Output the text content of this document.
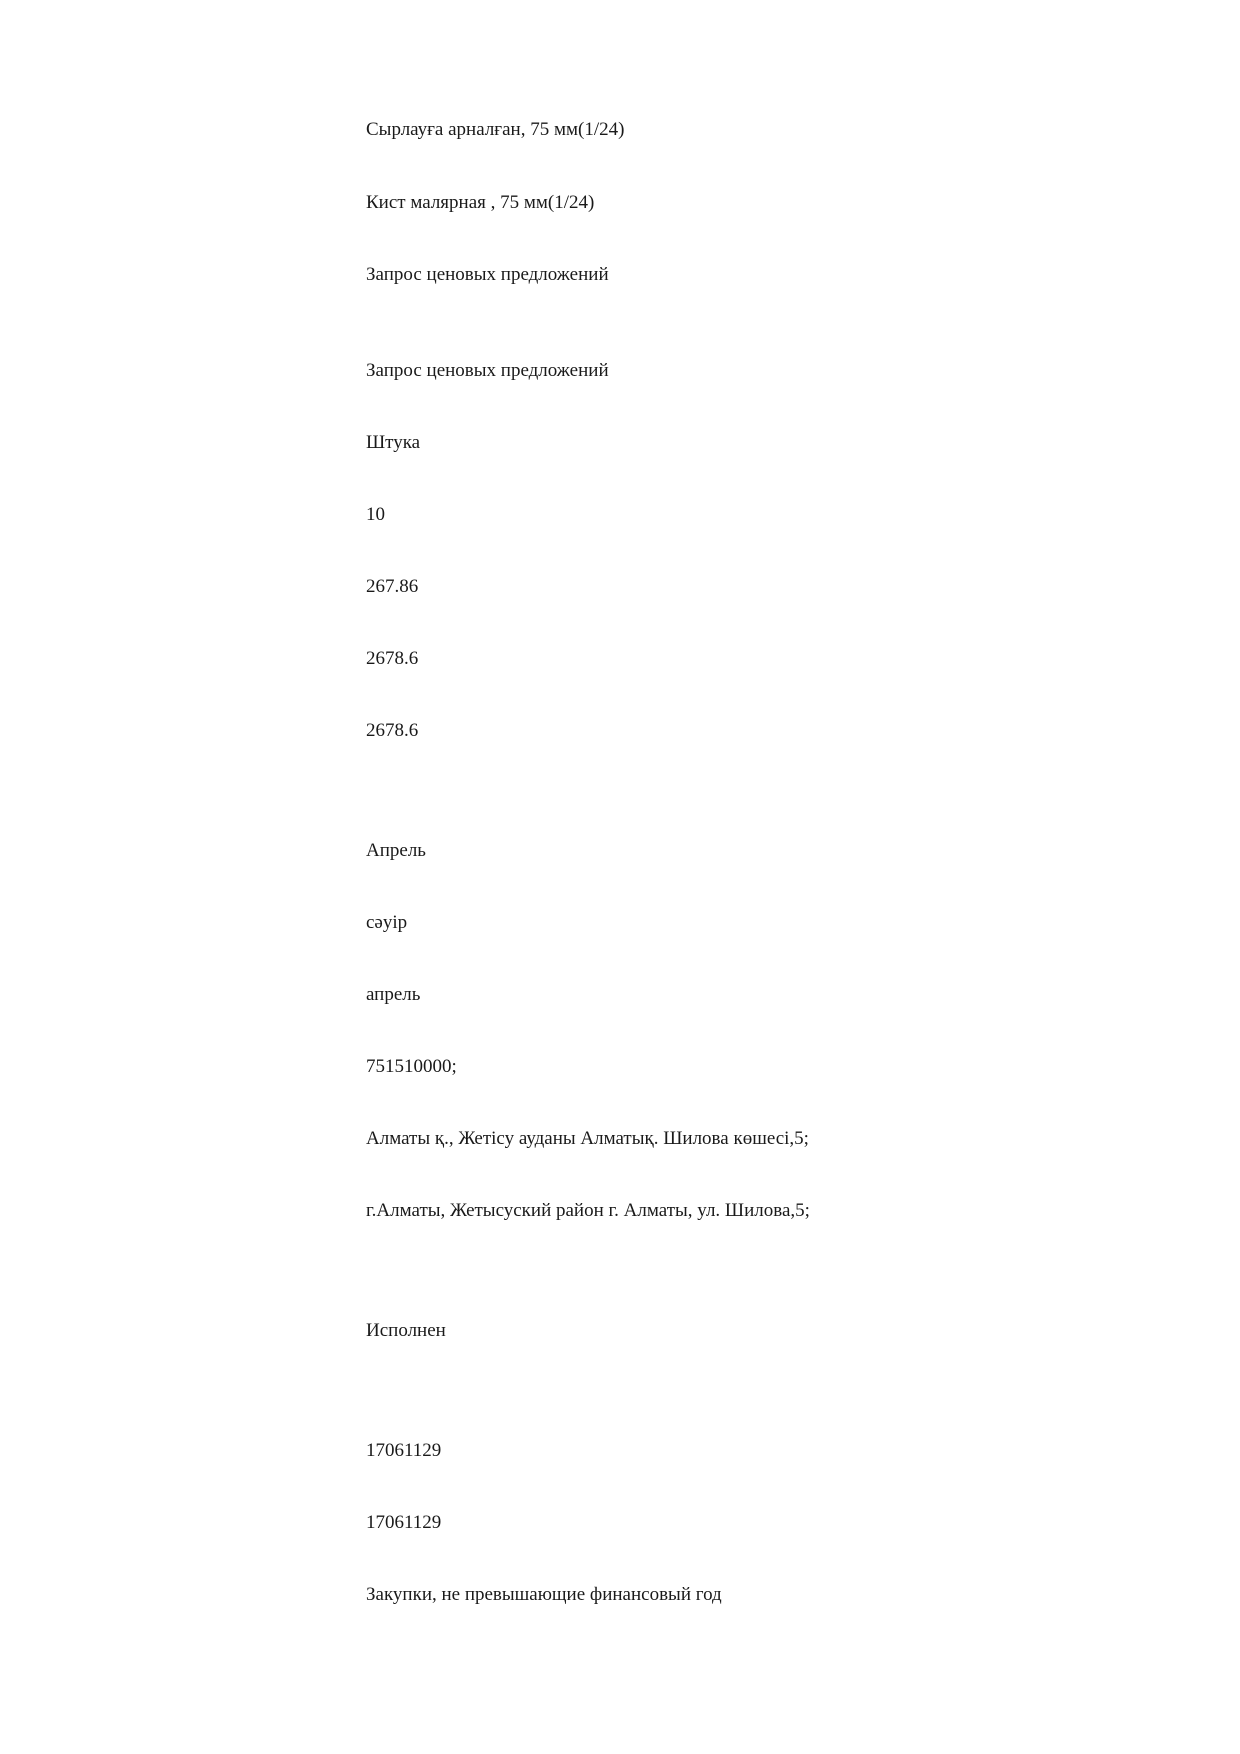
Сырлауға арналған, 75 мм(1/24)
Кист малярная , 75 мм(1/24)
Запрос ценовых предложений
Запрос ценовых предложений
Штука
10
267.86
2678.6
2678.6
Апрель
сәуір
апрель
751510000;
Алматы қ., Жетісу ауданы Алматық. Шилова көшесі,5;
г.Алматы, Жетысуский район г. Алматы, ул. Шилова,5;
Исполнен
17061129
17061129
Закупки, не превышающие финансовый год
